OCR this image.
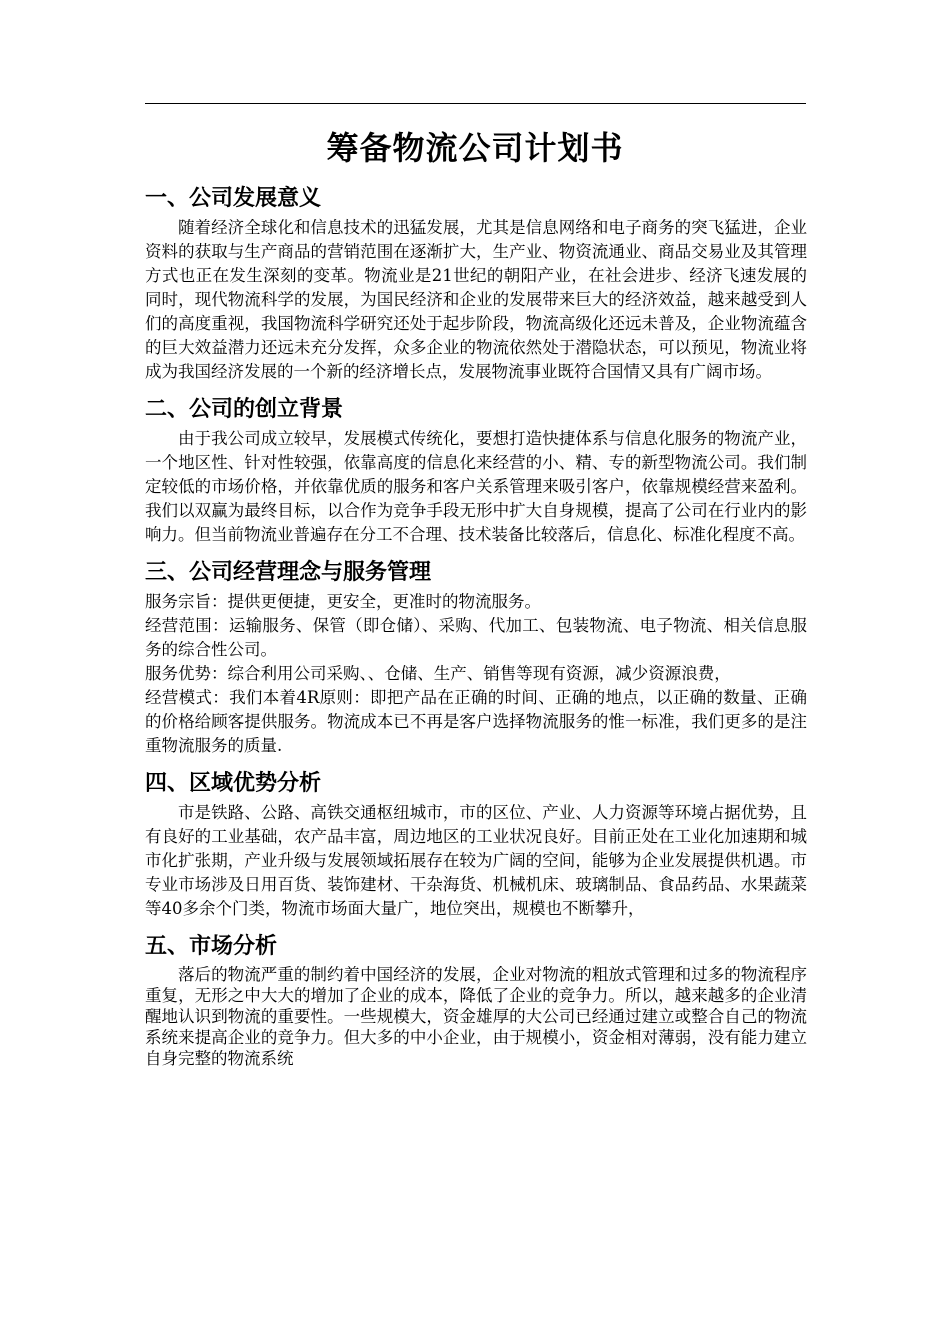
筹备物流公司计划书
一、公司发展意义

随着经济全球化和信息技术的迅猛发展，尤其是信息网络和电子商务的突飞猛进，企业资料的获取与生产商品的营销范围在逐渐扩大，生产业、物资流通业、商品交易业及其管理方式也正在发生深刻的变革。物流业是21世纪的朝阳产业，在社会进步、经济飞速发展的同时，现代物流科学的发展，为国民经济和企业的发展带来巨大的经济效益，越来越受到人们的高度重视，我国物流科学研究还处于起步阶段，物流高级化还远未普及，企业物流蕴含的巨大效益潜力还远未充分发挥，众多企业的物流依然处于潜隐状态，可以预见，物流业将成为我国经济发展的一个新的经济增长点，发展物流事业既符合国情又具有广阔市场。

二、公司的创立背景

由于我公司成立较早，发展模式传统化，要想打造快捷体系与信息化服务的物流产业，一个地区性、针对性较强，依靠高度的信息化来经营的小、精、专的新型物流公司。我们制定较低的市场价格，并依靠优质的服务和客户关系管理来吸引客户，依靠规模经营来盈利。我们以双赢为最终目标，以合作为竞争手段无形中扩大自身规模，提高了公司在行业内的影响力。但当前物流业普遍存在分工不合理、技术装备比较落后，信息化、标准化程度不高。

三、公司经营理念与服务管理

服务宗旨：提供更便捷，更安全，更准时的物流服务。

经营范围：运输服务、保管（即仓储）、采购、代加工、包装物流、电子物流、相关信息服务的综合性公司。

服务优势：综合利用公司采购、、仓储、生产、销售等现有资源，减少资源浪费，

经营模式：我们本着4R原则：即把产品在正确的时间、正确的地点，以正确的数量、正确的价格给顾客提供服务。物流成本已不再是客户选择物流服务的惟一标准，我们更多的是注重物流服务的质量.

四、区域优势分析

市是铁路、公路、高铁交通枢纽城市，市的区位、产业、人力资源等环境占据优势，且有良好的工业基础，农产品丰富，周边地区的工业状况良好。目前正处在工业化加速期和城市化扩张期，产业升级与发展领域拓展存在较为广阔的空间，能够为企业发展提供机遇。市专业市场涉及日用百货、装饰建材、干杂海货、机械机床、玻璃制品、食品药品、水果蔬菜等40多余个门类，物流市场面大量广，地位突出，规模也不断攀升，

五、市场分析

落后的物流严重的制约着中国经济的发展，企业对物流的粗放式管理和过多的物流程序重复，无形之中大大的增加了企业的成本，降低了企业的竞争力。所以，越来越多的企业清醒地认识到物流的重要性。一些规模大，资金雄厚的大公司已经通过建立或整合自己的物流系统来提高企业的竞争力。但大多的中小企业，由于规模小，资金相对薄弱，没有能力建立自身完整的物流系统
